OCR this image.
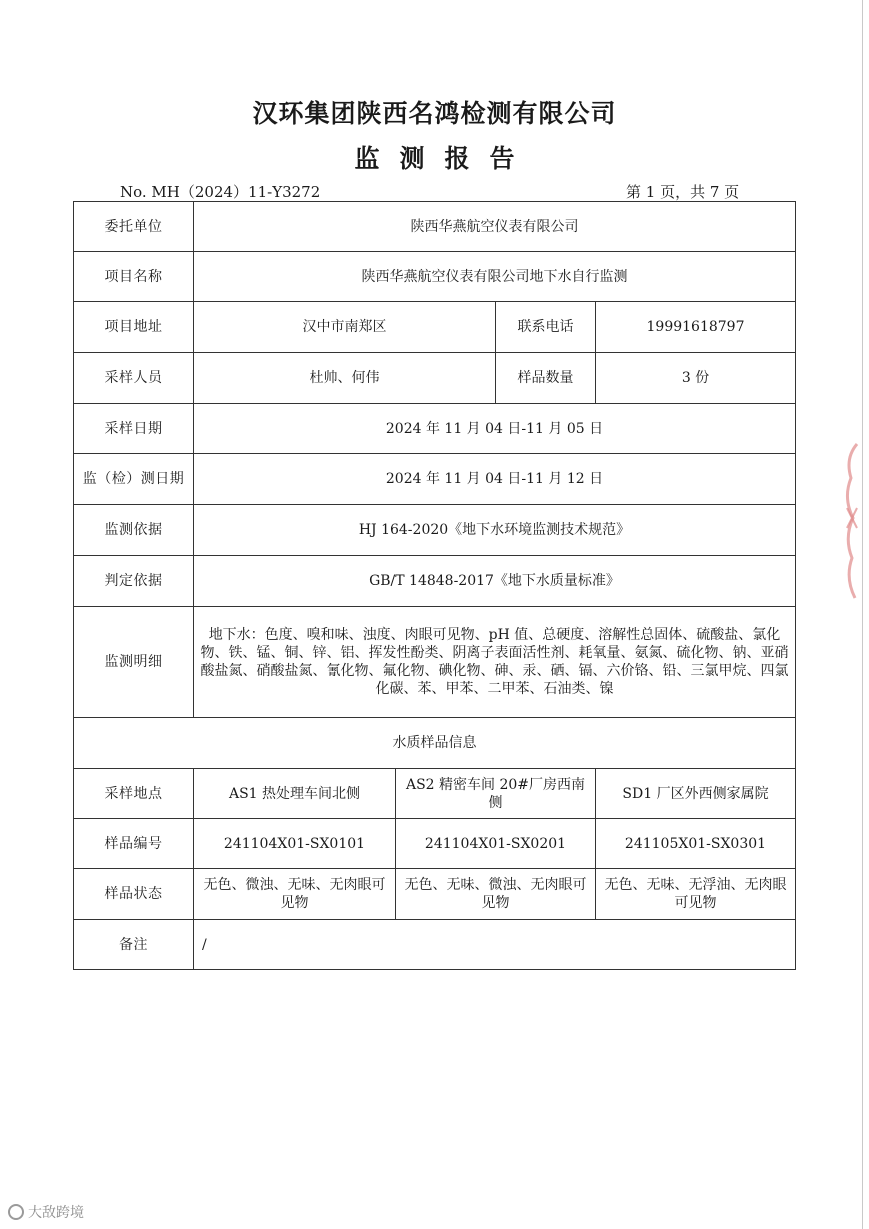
汉环集团陕西名鸿检测有限公司
监测报告
No. MH（2024）11-Y3272	第 1 页，共 7 页
委托单位	陕西华燕航空仪表有限公司			
项目名称	陕西华燕航空仪表有限公司地下水自行监测			
项目地址	汉中市南郑区		联系电话	19991618797
采样人员	杜帅、何伟		样品数量	3 份
采样日期	2024 年 11 月 04 日-11 月 05 日			
监（检）测日期	2024 年 11 月 04 日-11 月 12 日			
监测依据	HJ 164-2020《地下水环境监测技术规范》			
判定依据	GB/T 14848-2017《地下水质量标准》			
监测明细	地下水：色度、嗅和味、浊度、肉眼可见物、pH 值、总硬度、溶解性总固体、硫酸盐、氯化物、铁、锰、铜、锌、铝、挥发性酚类、阴离子表面活性剂、耗氧量、氨氮、硫化物、钠、亚硝酸盐氮、硝酸盐氮、氰化物、氟化物、碘化物、砷、汞、硒、镉、六价铬、铅、三氯甲烷、四氯化碳、苯、甲苯、二甲苯、石油类、镍			
水质样品信息				
采样地点	AS1 热处理车间北侧	AS2 精密车间 20#厂房西南侧		SD1 厂区外西侧家属院
样品编号	241104X01-SX0101	241104X01-SX0201		241105X01-SX0301
样品状态	无色、微浊、无味、无肉眼可见物	无色、无味、微浊、无肉眼可见物		无色、无味、无浮油、无肉眼可见物
备注	/			
大敌跨境
